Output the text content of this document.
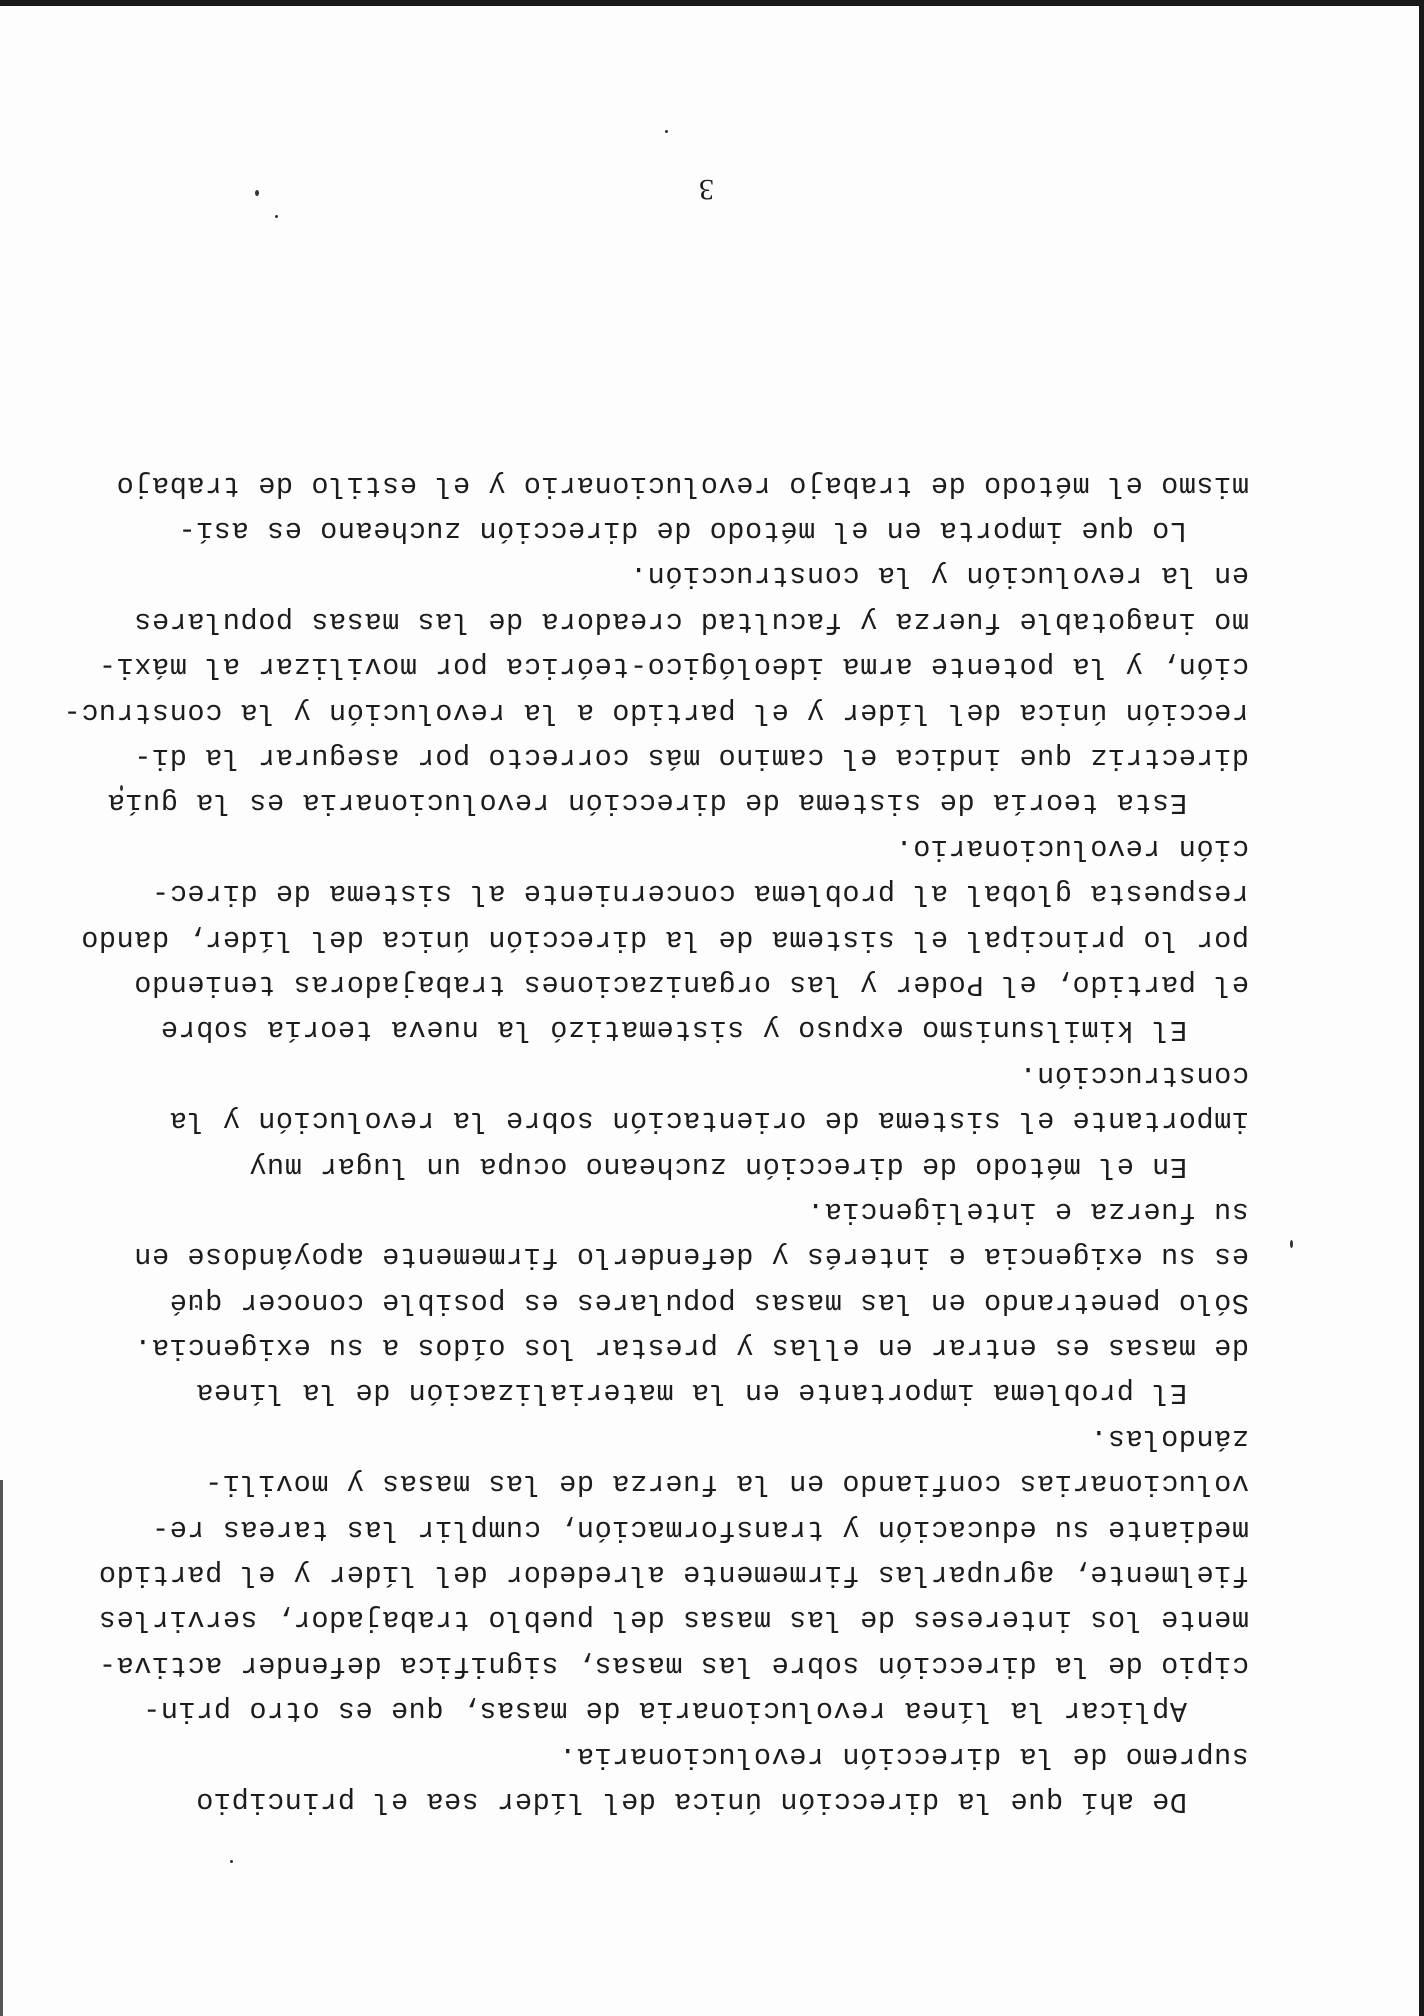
De ahí que la dirección única del líder sea el principio
supremo de la dirección revolucionaria.
Aplicar la línea revolucionaria de masas, que es otro prin-
cipio de la dirección sobre las masas, significa defender activa-
mente los intereses de las masas del pueblo trabajador, servirles
fielmente, agruparlas firmemente alrededor del líder y el partido
mediante su educación y transformación, cumplir las tareas re-
volucionarias confiando en la fuerza de las masas y movili-
zándolas.
El problema importante en la materialización de la línea
de masas es entrar en ellas y prestar los oídos a su exigencia.
Sólo penetrando en las masas populares es posible conocer qué
es su exigencia e interés y defenderlo firmemente apoyándose en
su fuerza e inteligencia.
En el método de dirección zucheano ocupa un lugar muy
importante el sistema de orientación sobre la revolución y la
construcción.
El kimilsunismo expuso y sistematizó la nueva teoría sobre
el partido, el Poder y las organizaciones trabajadoras teniendo
por lo principal el sistema de la dirección única del líder, dando
respuesta global al problema concerniente al sistema de direc-
ción revolucionario.
Esta teoría de sistema de dirección revolucionaria es la guía
directriz que indica el camino más correcto por asegurar la di-
rección única del líder y el partido a la revolución y la construc-
ción, y la potente arma ideológico-teórica por movilizar al máxi-
mo inagotable fuerza y facultad creadora de las masas populares
en la revolución y la construcción.
Lo que importa en el método de dirección zucheano es así-
mismo el método de trabajo revolucionario y el estilo de trabajo
3
